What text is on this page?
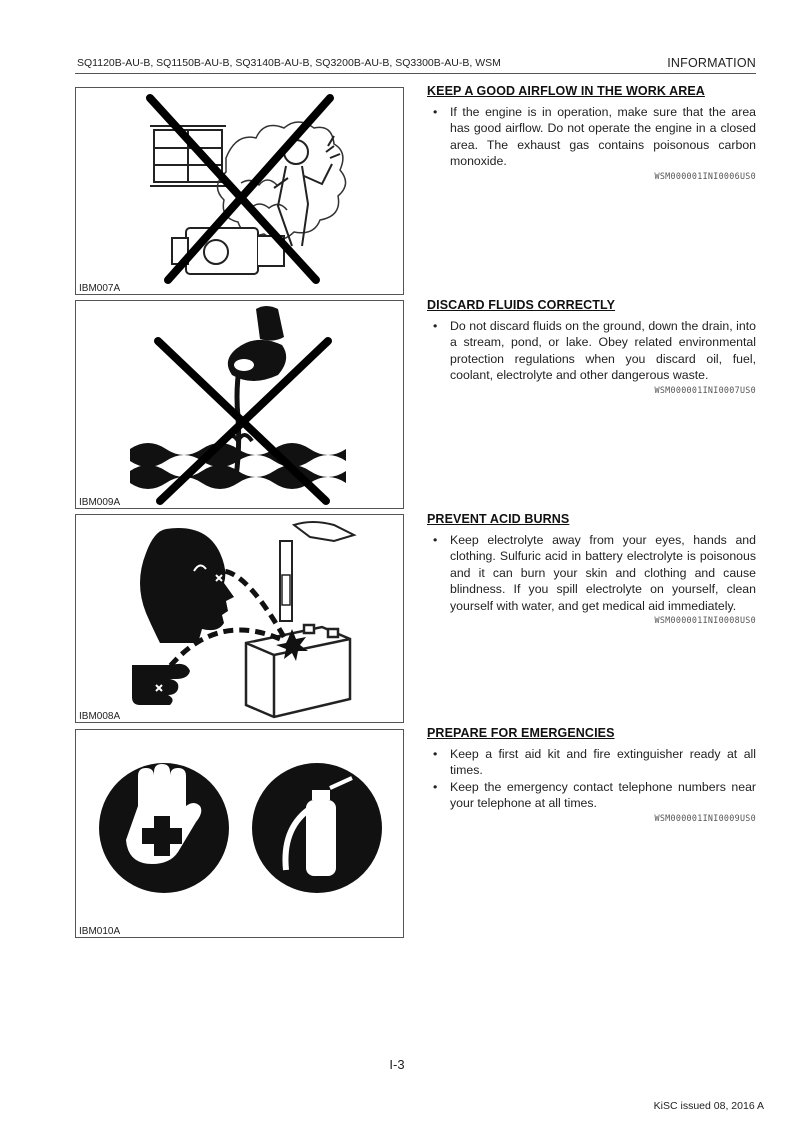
SQ1120B-AU-B, SQ1150B-AU-B, SQ3140B-AU-B, SQ3200B-AU-B, SQ3300B-AU-B, WSM	INFORMATION
IBM007A
IBM009A
IBM008A
IBM010A
KEEP A GOOD AIRFLOW IN THE WORK AREA
• If the engine is in operation, make sure that the area has good airflow. Do not operate the engine in a closed area. The exhaust gas contains poisonous carbon monoxide.
WSM000001INI0006US0
DISCARD FLUIDS CORRECTLY
• Do not discard fluids on the ground, down the drain, into a stream, pond, or lake. Obey related environmental protection regulations when you discard oil, fuel, coolant, electrolyte and other dangerous waste.
WSM000001INI0007US0
PREVENT ACID BURNS
• Keep electrolyte away from your eyes, hands and clothing. Sulfuric acid in battery electrolyte is poisonous and it can burn your skin and clothing and cause blindness. If you spill electrolyte on yourself, clean yourself with water, and get medical aid immediately.
WSM000001INI0008US0
PREPARE FOR EMERGENCIES
• Keep a first aid kit and fire extinguisher ready at all times.
• Keep the emergency contact telephone numbers near your telephone at all times.
WSM000001INI0009US0
I-3
KiSC issued 08, 2016 A
